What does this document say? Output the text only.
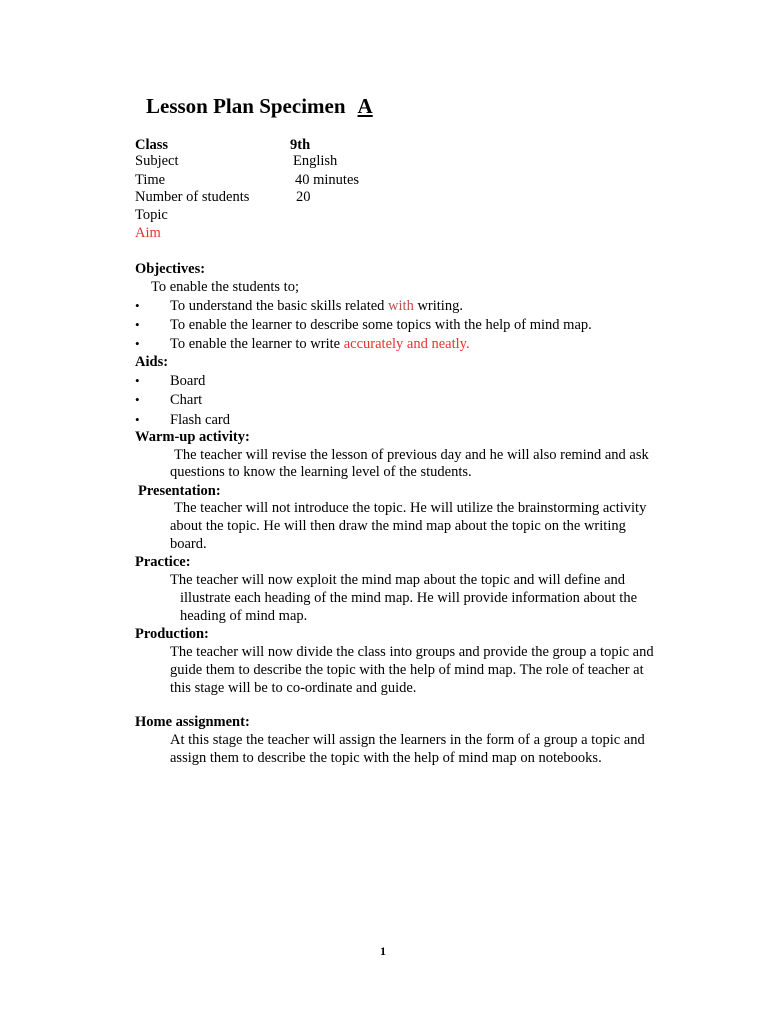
Lesson Plan Specimen A
Class	9th
Subject	English
Time	40 minutes
Number of students	20
Topic
Aim
Objectives:
To enable the students to;
• To understand the basic skills related with writing.
• To enable the learner to describe some topics with the help of mind map.
• To enable the learner to write accurately and neatly.
Aids:
• Board
• Chart
• Flash card
Warm-up activity:
The teacher will revise the lesson of previous day and he will also remind and ask
questions to know the learning level of the students.
Presentation:
The teacher will not introduce the topic. He will utilize the brainstorming activity
about the topic. He will then draw the mind map about the topic on the writing
board.
Practice:
The teacher will now exploit the mind map about the topic and will define and
illustrate each heading of the mind map. He will provide information about the
heading of mind map.
Production:
The teacher will now divide the class into groups and provide the group a topic and
guide them to describe the topic with the help of mind map. The role of teacher at
this stage will be to co-ordinate and guide.
Home assignment:
At this stage the teacher will assign the learners in the form of a group a topic and
assign them to describe the topic with the help of mind map on notebooks.
1
